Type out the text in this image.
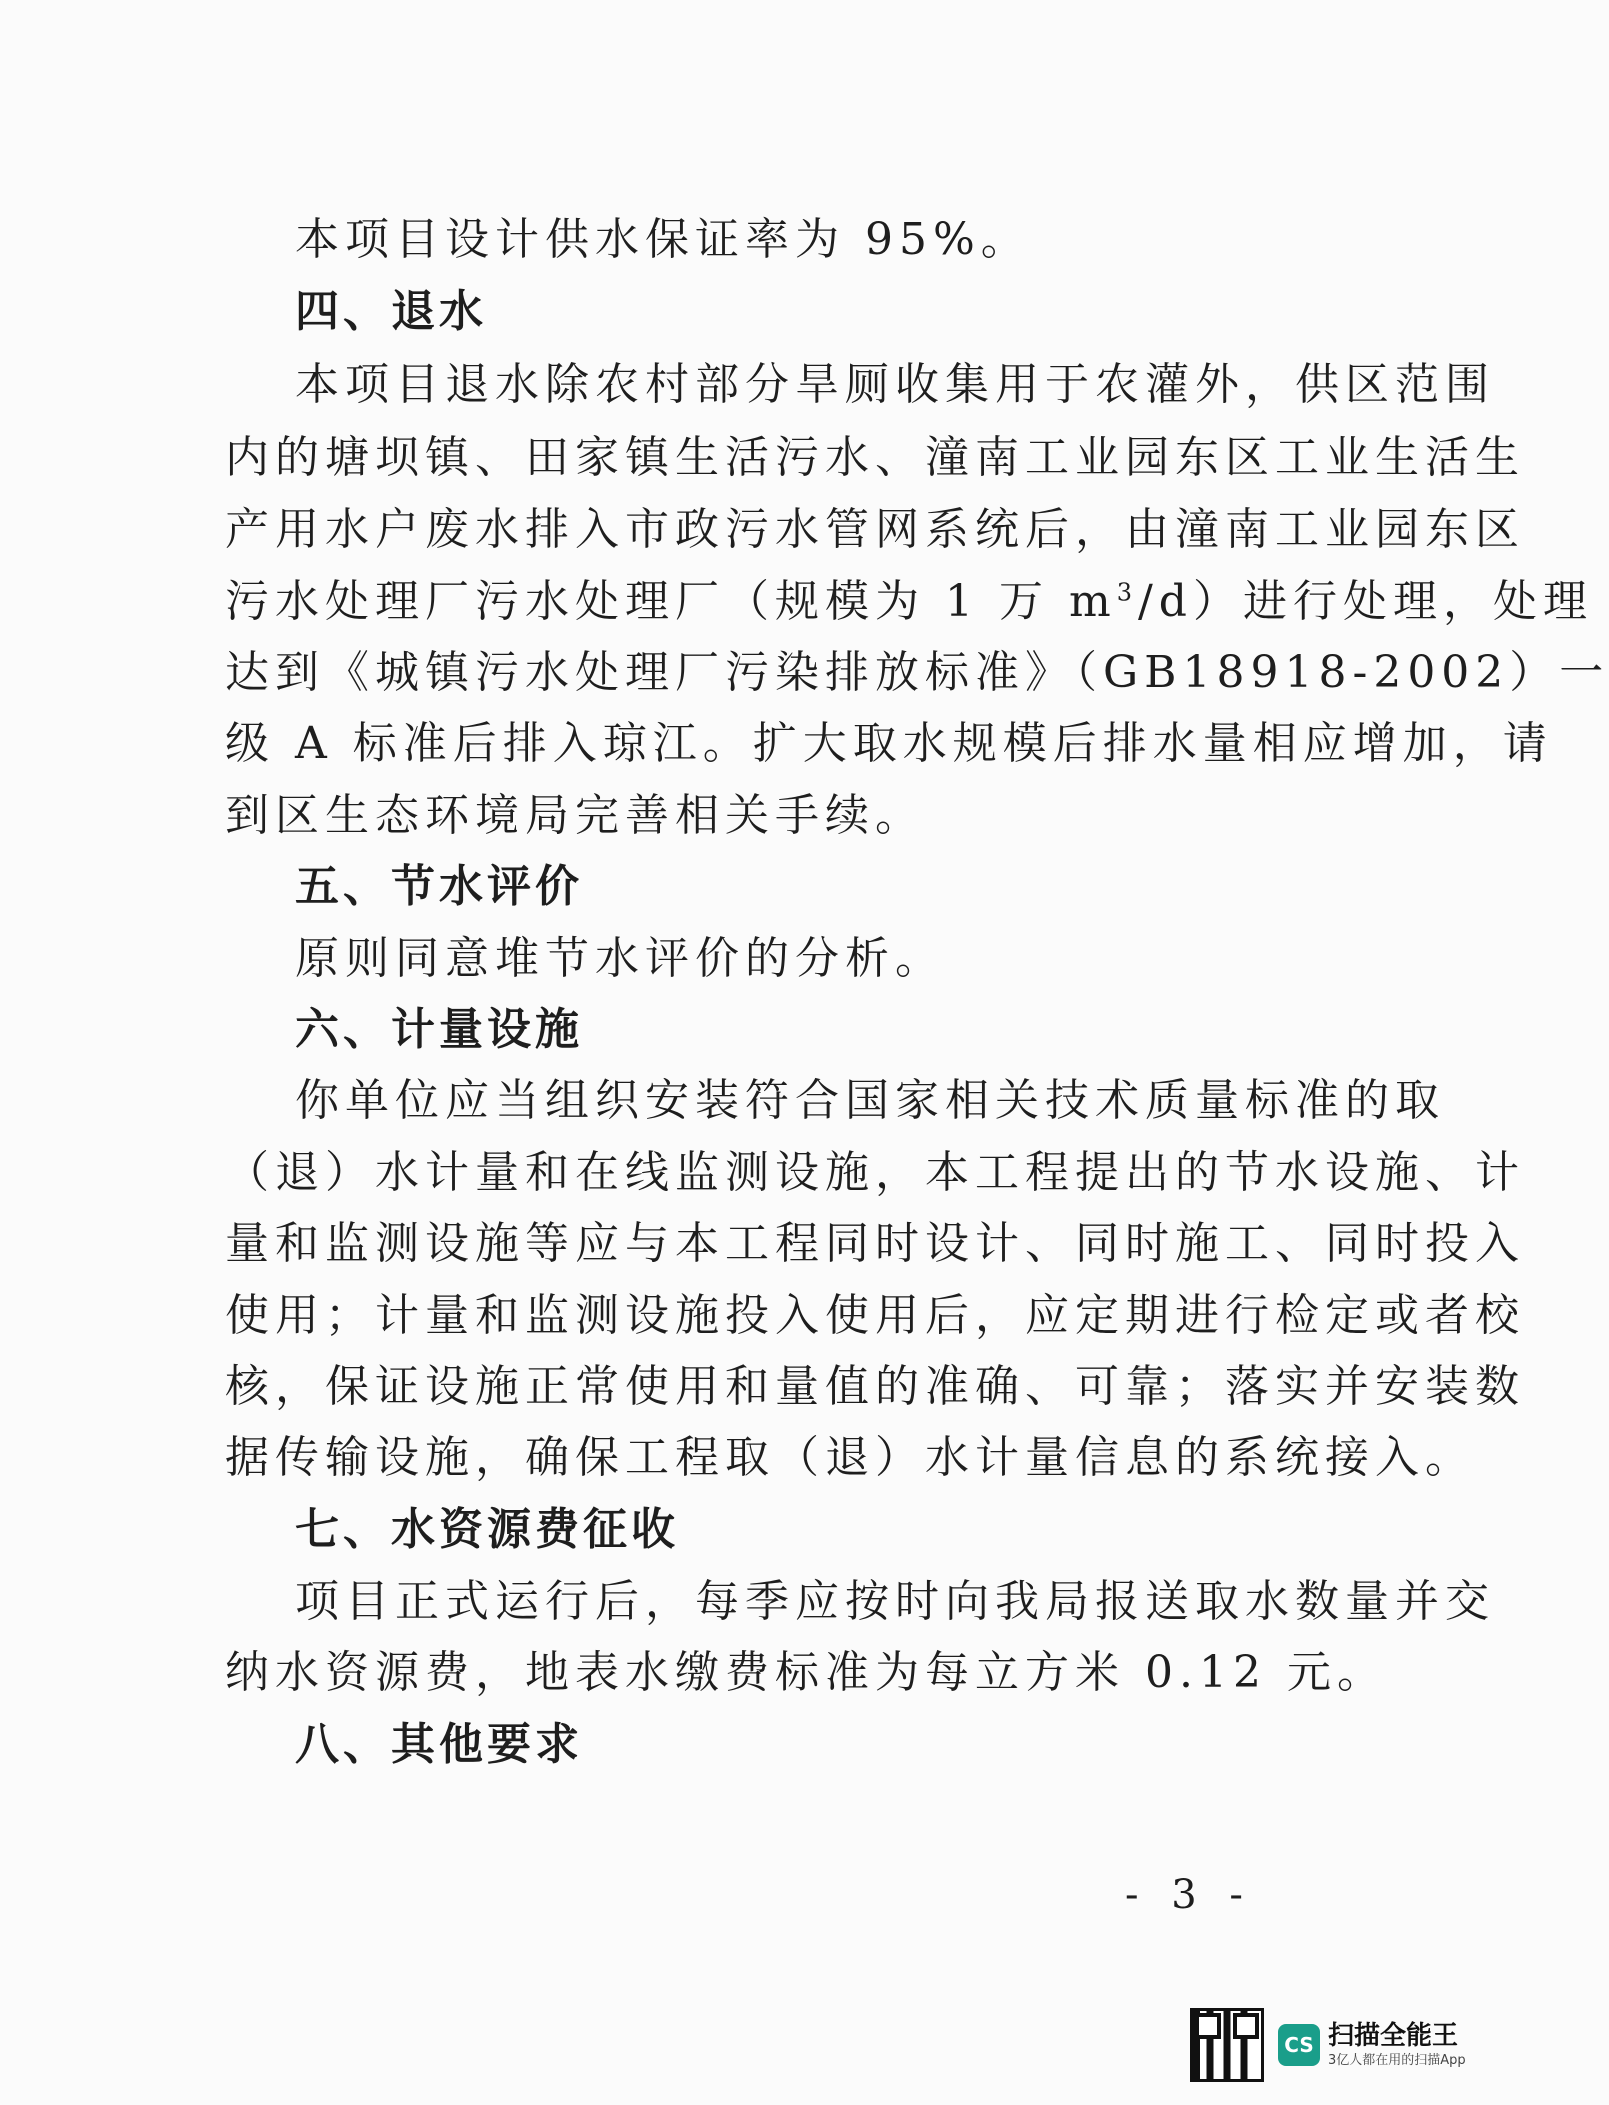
本项目设计供水保证率为 95%。
四、退水
本项目退水除农村部分旱厕收集用于农灌外，供区范围
内的塘坝镇、田家镇生活污水、潼南工业园东区工业生活生
产用水户废水排入市政污水管网系统后，由潼南工业园东区
污水处理厂污水处理厂（规模为 1 万 $m^3/d$）进行处理，处理
达到《城镇污水处理厂污染排放标准》（GB18918-2002）一
级 A 标准后排入琼江。扩大取水规模后排水量相应增加，请
到区生态环境局完善相关手续。
五、节水评价
原则同意堆节水评价的分析。
六、计量设施
你单位应当组织安装符合国家相关技术质量标准的取
（退）水计量和在线监测设施，本工程提出的节水设施、计
量和监测设施等应与本工程同时设计、同时施工、同时投入
使用；计量和监测设施投入使用后，应定期进行检定或者校
核，保证设施正常使用和量值的准确、可靠；落实并安装数
据传输设施，确保工程取（退）水计量信息的系统接入。
七、水资源费征收
项目正式运行后，每季应按时向我局报送取水数量并交
纳水资源费，地表水缴费标准为每立方米 0.12 元。
八、其他要求
- 3 -
CS 扫描全能王
3亿人都在用的扫描App
